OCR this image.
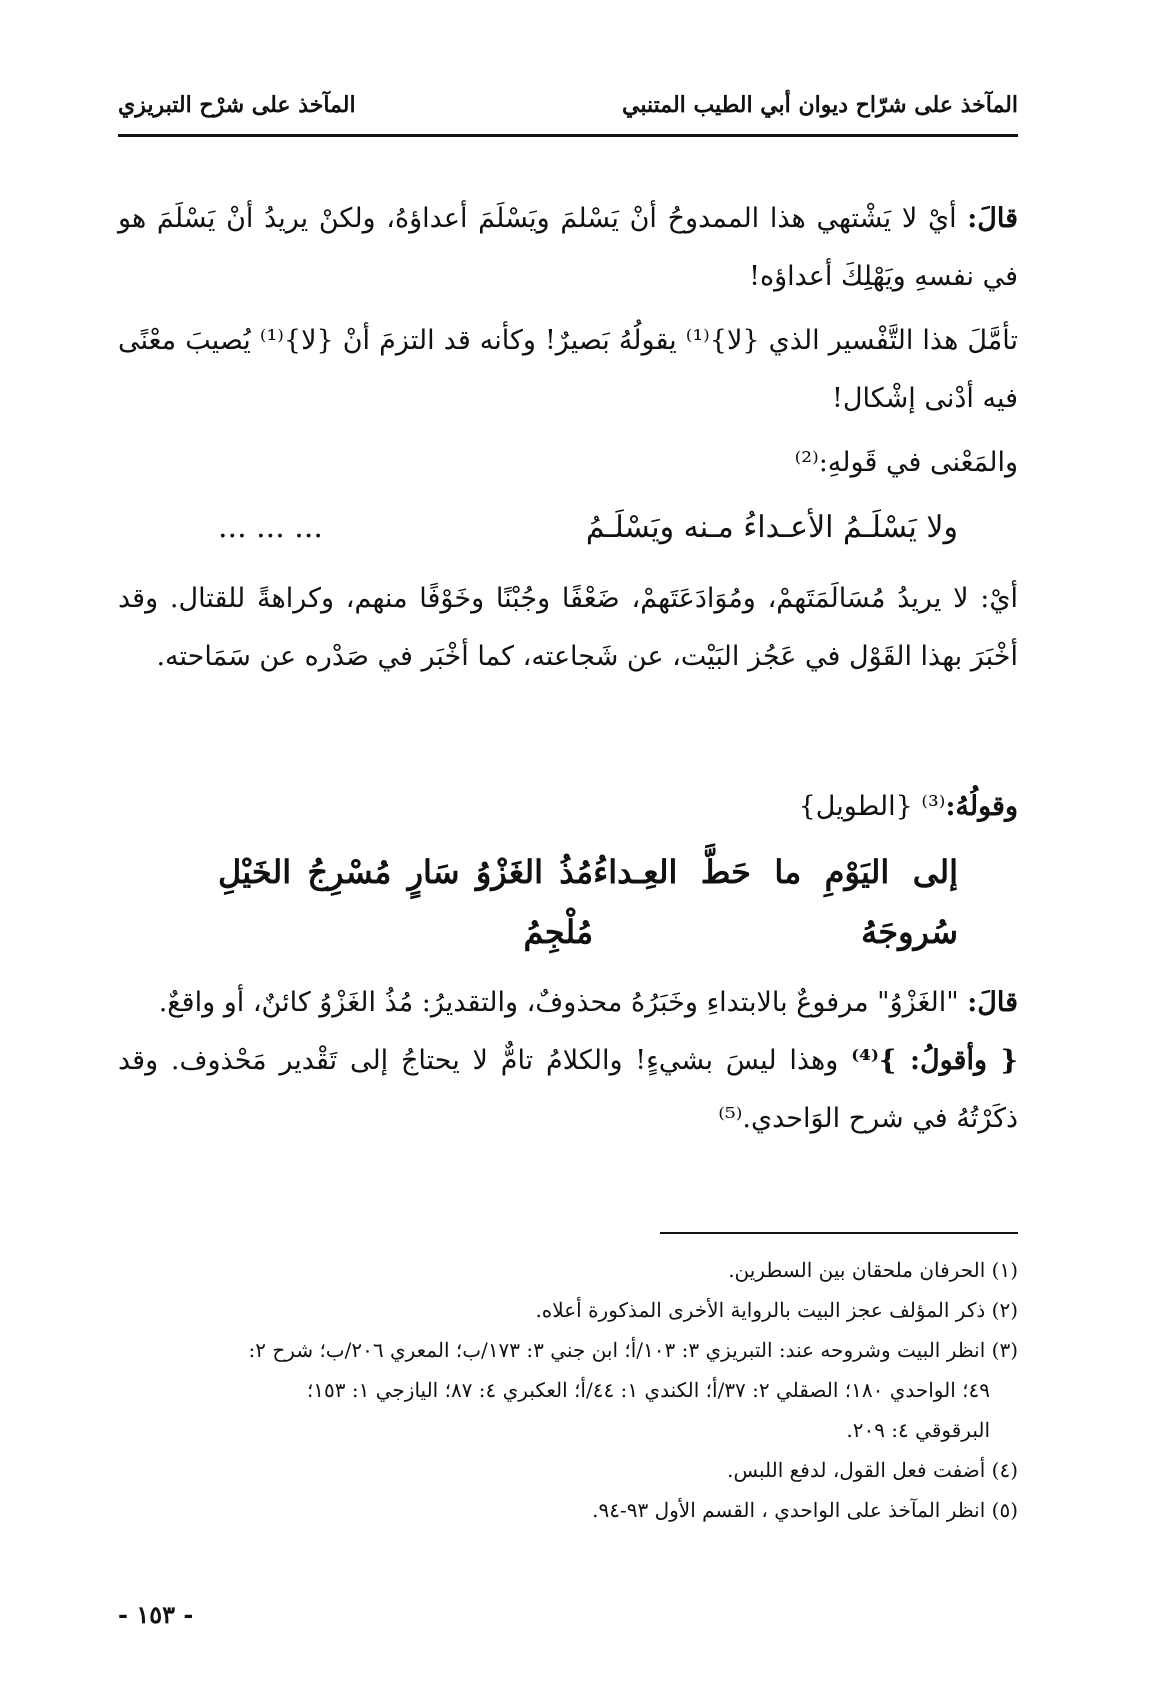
المآخذ على شرّاح ديوان أبي الطيب المتنبي
المآخذ على شرْح التبريزي

قالَ: أيْ لا يَشْتهي هذا الممدوحُ أنْ يَسْلمَ ويَسْلَمَ أعداؤهُ، ولكنْ يريدُ أنْ يَسْلَمَ هو في نفسهِ ويَهْلِكَ أعداؤه!

تأمَّلَ هذا التَّفْسير الذي {لا}⁽¹⁾ يقولُهُ بَصيرٌ! وكأنه قد التزمَ أنْ {لا}⁽¹⁾ يُصيبَ معْنًى فيه أدْنى إشْكال!

والمَعْنى في قَولهِ:⁽²⁾

ولا يَسْلَـمُ الأعـداءُ مـنه ويَسْلَـمُ
... ... ...

أيْ: لا يريدُ مُسَالَمَتَهمْ، ومُوَادَعَتَهمْ، ضَعْفًا وجُبْنًا وخَوْفًا منهم، وكراهةً للقتال. وقد أخْبَرَ بهذا القَوْل في عَجُز البَيْت، عن شَجاعته، كما أخْبَر في صَدْره عن سَمَاحته.

وقولُهُ:⁽³⁾ {الطويل}

إلى اليَوْمِ ما حَطَّ العِـداءُ سُروجَهُ
مُذُ الغَزْوُ سَارٍ مُسْرِجُ الخَيْلِ مُلْجِمُ

قالَ: "الغَزْوُ" مرفوعٌ بالابتداءِ وخَبَرُهُ محذوفٌ، والتقديرُ: مُذُ الغَزْوُ كائنٌ، أو واقعٌ.

{ وأقولُ: }⁽⁴⁾ وهذا ليسَ بشيءٍ! والكلامُ تامٌّ لا يحتاجُ إلى تَقْدير مَحْذوف. وقد ذكَرْتُهُ في شرح الوَاحدي.⁽⁵⁾

(١) الحرفان ملحقان بين السطرين.

(٢) ذكر المؤلف عجز البيت بالرواية الأخرى المذكورة أعلاه.

(٣) انظر البيت وشروحه عند: التبريزي ٣: ١٠٣/أ؛ ابن جني ٣: ١٧٣/ب؛ المعري ٢٠٦/ب؛ شرح ٢:

٤٩؛ الواحدي ١٨٠؛ الصقلي ٢: ٣٧/أ؛ الكندي ١: ٤٤/أ؛ العكبري ٤: ٨٧؛ اليازجي ١: ١٥٣؛

البرقوقي ٤: ٢٠٩.

(٤) أضفت فعل القول، لدفع اللبس.

(٥) انظر المآخذ على الواحدي ، القسم الأول ٩٣-٩٤.

- ١٥٣ -
